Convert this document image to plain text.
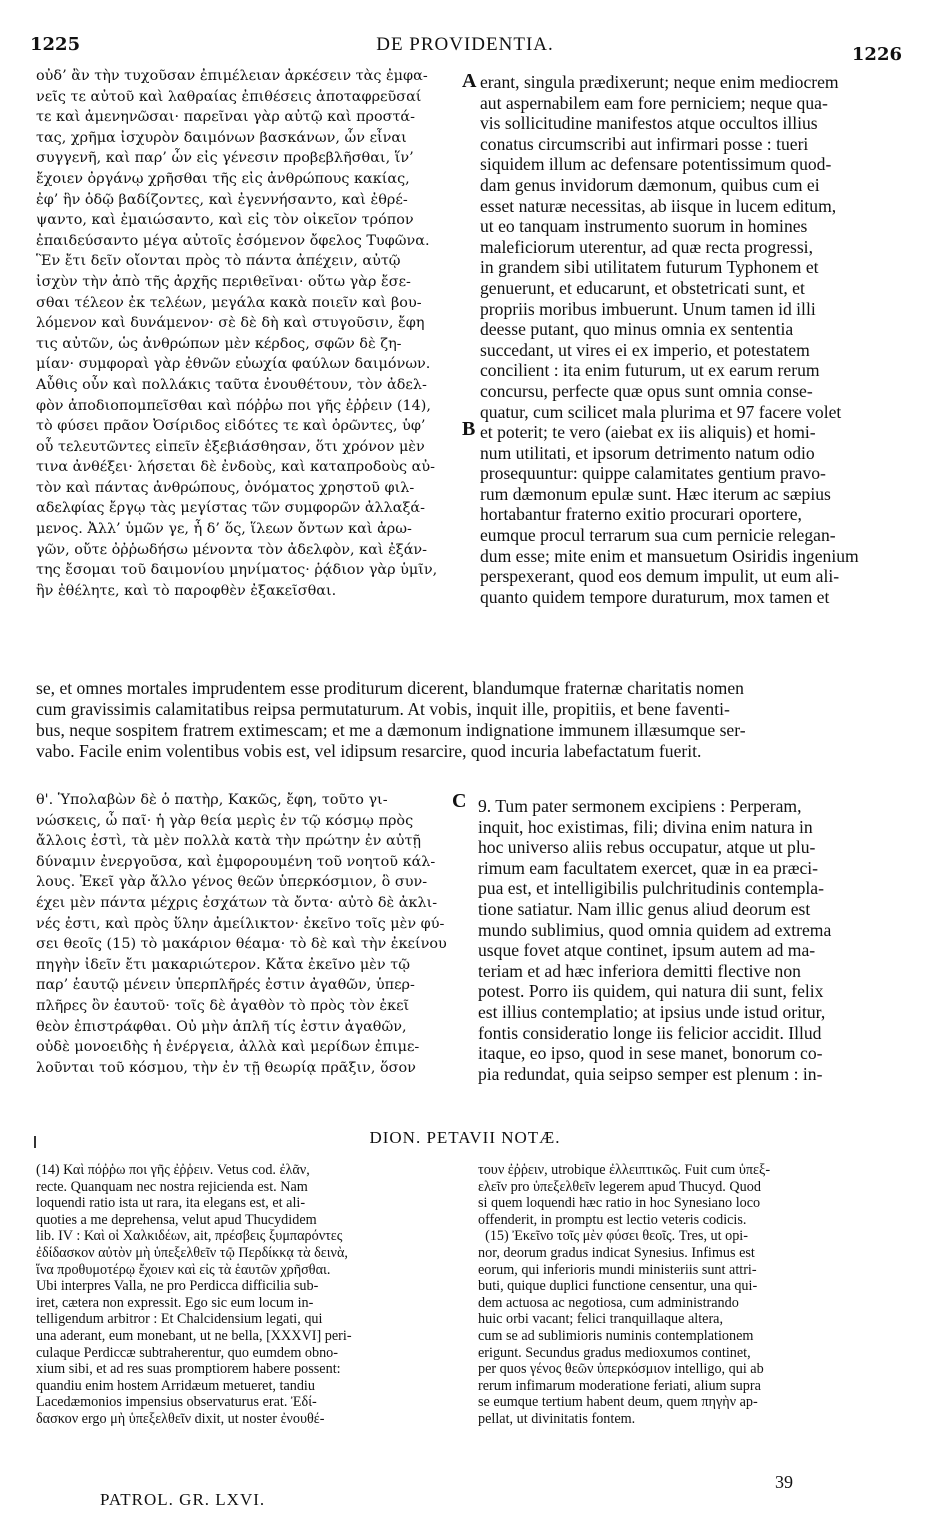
1225	DE PROVIDENTIA.	1226
οὐδ’ ἂν τὴν τυχοῦσαν ἐπιμέλειαν ἀρκέσειν τὰς ἐμφα-
νεῖς τε αὐτοῦ καὶ λαθραίας ἐπιθέσεις ἀποταφρεῦσαί
τε καὶ ἀμενηνῶσαι· παρεῖναι γὰρ αὐτῷ καὶ προστά-
τας, χρῆμα ἰσχυρὸν δαιμόνων βασκάνων, ὧν εἶναι
συγγενῆ, καὶ παρ’ ὧν εἰς γένεσιν προβεβλῆσθαι, ἵν’
ἔχοιεν ὀργάνῳ χρῆσθαι τῆς εἰς ἀνθρώπους κακίας,
ἐφ’ ἣν ὁδῷ βαδίζοντες, καὶ ἐγεννήσαντο, καὶ ἐθρέ-
ψαντο, καὶ ἐμαιώσαντο, καὶ εἰς τὸν οἰκεῖον τρόπον
ἐπαιδεύσαντο μέγα αὐτοῖς ἐσόμενον ὄφελος Τυφῶνα.
Ἓν ἔτι δεῖν οἴονται πρὸς τὸ πάντα ἀπέχειν, αὐτῷ
ἰσχὺν τὴν ἀπὸ τῆς ἀρχῆς περιθεῖναι· οὕτω γὰρ ἔσε-
σθαι τέλεον ἐκ τελέων, μεγάλα κακὰ ποιεῖν καὶ βου-
λόμενον καὶ δυνάμενον· σὲ δὲ δὴ καὶ στυγοῦσιν, ἔφη
τις αὐτῶν, ὡς ἀνθρώπων μὲν κέρδος, σφῶν δὲ ζη-
μίαν· συμφοραὶ γὰρ ἐθνῶν εὐωχία φαύλων δαιμόνων.
Αὖθις οὖν καὶ πολλάκις ταῦτα ἐνουθέτουν, τὸν ἀδελ-
φὸν ἀποδιοπομπεῖσθαι καὶ πόῤῥω ποι γῆς ἐῤῥειν (14),
τὸ φύσει πρᾶον Ὀσίριδος εἰδότες τε καὶ ὁρῶντες, ὑφ’
οὗ τελευτῶντες εἰπεῖν ἐξεβιάσθησαν, ὅτι χρόνον μὲν
τινα ἀνθέξει· λήσεται δὲ ἐνδοὺς, καὶ καταπροδοὺς αὐ-
τὸν καὶ πάντας ἀνθρώπους, ὀνόματος χρηστοῦ φιλ-
αδελφίας ἔργῳ τὰς μεγίστας τῶν συμφορῶν ἀλλαξά-
μενος. Ἀλλ’ ὑμῶν γε, ἦ δ’ ὅς, ἵλεων ὄντων καὶ ἀρω-
γῶν, οὔτε ὀῤῥωδήσω μένοντα τὸν ἀδελφὸν, καὶ ἐξάν-
της ἔσομαι τοῦ δαιμονίου μηνίματος· ῥᾴδιον γὰρ ὑμῖν,
ἣν ἐθέλητε, καὶ τὸ παροφθὲν ἐξακεῖσθαι.
A erant, singula prædixerunt; neque enim mediocrem
aut aspernabilem eam fore perniciem; neque qua-
vis sollicitudine manifestos atque occultos illius
conatus circumscribi aut infirmari posse : tueri
siquidem illum ac defensare potentissimum quod-
dam genus invidorum dæmonum, quibus cum ei
esset naturæ necessitas, ab iisque in lucem editum,
ut eo tanquam instrumento suorum in homines
maleficiorum uterentur, ad quæ recta progressi,
in grandem sibi utilitatem futurum Typhonem et
genuerunt, et educarunt, et obstetricati sunt, et
propriis moribus imbuerunt. Unum tamen id illi
deesse putant, quo minus omnia ex sententia
succedant, ut vires ei ex imperio, et potestatem
concilient : ita enim futurum, ut ex earum rerum
concursu, perfecte quæ opus sunt omnia conse-
quatur, cum scilicet mala plurima et 97 facere volet
et poterit; te vero (aiebat ex iis aliquis) et homi-
num utilitati, et ipsorum detrimento natum odio
prosequuntur: quippe calamitates gentium pravo-
rum dæmonum epulæ sunt. Hæc iterum ac sæpius
hortabantur fraterno exitio procurari oportere,
eumque procul terrarum sua cum pernicie relegan-
dum esse; mite enim et mansuetum Osiridis ingenium
perspexerant, quod eos demum impulit, ut eum ali-
quanto quidem tempore duraturum, mox tamen et
B
se, et omnes mortales imprudentem esse proditurum dicerent, blandumque fraternæ charitatis nomen
cum gravissimis calamitatibus reipsa permutaturum. At vobis, inquit ille, propitiis, et bene faventi-
bus, neque sospitem fratrem extimescam; et me a dæmonum indignatione immunem illæsumque ser-
vabo. Facile enim volentibus vobis est, vel idipsum resarcire, quod incuria labefactatum fuerit.
θ'. Ὑπολαβὼν δὲ ὁ πατὴρ, Κακῶς, ἔφη, τοῦτο γι-
νώσκεις, ὦ παῖ· ἡ γὰρ θεία μερὶς ἐν τῷ κόσμῳ πρὸς
ἄλλοις ἐστὶ, τὰ μὲν πολλὰ κατὰ τὴν πρώτην ἐν αὐτῇ
δύναμιν ἐνεργοῦσα, καὶ ἐμφορουμένη τοῦ νοητοῦ κάλ-
λους. Ἐκεῖ γὰρ ἄλλο γένος θεῶν ὑπερκόσμιον, ὃ συν-
έχει μὲν πάντα μέχρις ἐσχάτων τὰ ὄντα· αὐτὸ δὲ ἀκλι-
νές ἐστι, καὶ πρὸς ὕλην ἀμείλικτον· ἐκεῖνο τοῖς μὲν φύ-
σει θεοῖς (15) τὸ μακάριον θέαμα· τὸ δὲ καὶ τὴν ἐκείνου
πηγὴν ἰδεῖν ἔτι μακαριώτερον. Κἄτα ἐκεῖνο μὲν τῷ
παρ’ ἑαυτῷ μένειν ὑπερπλῆρές ἐστιν ἀγαθῶν, ὑπερ-
πλῆρες ὂν ἑαυτοῦ· τοῖς δὲ ἀγαθὸν τὸ πρὸς τὸν ἐκεῖ
θεὸν ἐπιστράφθαι. Οὐ μὴν ἁπλῆ τίς ἐστιν ἀγαθῶν,
οὐδὲ μονοειδὴς ἡ ἐνέργεια, ἀλλὰ καὶ μερίδων ἐπιμε-
λοῦνται τοῦ κόσμου, τὴν ἐν τῇ θεωρίᾳ πρᾶξιν, ὅσον
C 9. Tum pater sermonem excipiens : Perperam,
inquit, hoc existimas, fili; divina enim natura in
hoc universo aliis rebus occupatur, atque ut plu-
rimum eam facultatem exercet, quæ in ea præci-
pua est, et intelligibilis pulchritudinis contempla-
tione satiatur. Nam illic genus aliud deorum est
mundo sublimius, quod omnia quidem ad extrema
usque fovet atque continet, ipsum autem ad ma-
teriam et ad hæc inferiora demitti flective non
potest. Porro iis quidem, qui natura dii sunt, felix
est illius contemplatio; at ipsius unde istud oritur,
fontis consideratio longe iis felicior accidit. Illud
itaque, eo ipso, quod in sese manet, bonorum co-
pia redundat, quia seipso semper est plenum : in-
DION. PETAVII NOTÆ.
(14) Καὶ πόῤῥω ποι γῆς ἐῤῥειν. Vetus cod. ἐλᾶν,
recte. Quanquam nec nostra rejicienda est. Nam
loquendi ratio ista ut rara, ita elegans est, et ali-
quoties a me deprehensa, velut apud Thucydidem
lib. IV : Καὶ οἱ Χαλκιδέων, ait, πρέσβεις ξυμπαρόντες
ἐδίδασκον αὐτὸν μὴ ὑπεξελθεῖν τῷ Περδίκκᾳ τὰ δεινὰ,
ἵνα προθυμοτέρῳ ἔχοιεν καὶ εἰς τὰ ἑαυτῶν χρῆσθαι.
Ubi interpres Valla, ne pro Perdicca difficilia sub-
iret, cætera non expressit. Ego sic eum locum in-
telligendum arbitror : Et Chalcidensium legati, qui
una aderant, eum monebant, ut ne bella, [XXXVI] peri-
culaque Perdiccæ subtraherentur, quo eumdem obno-
xium sibi, et ad res suas promptiorem habere possent:
quandiu enim hostem Arridæum metueret, tandiu
Lacedæmonios impensius observaturus erat. Ἐδί-
δασκον ergo μὴ ὑπεξελθεῖν dixit, ut noster ἐνουθέ-
τουν ἐῤῥειν, utrobique ἐλλειπτικῶς. Fuit cum ὑπεξ-
ελεῖν pro ὑπεξελθεῖν legerem apud Thucyd. Quod
si quem loquendi hæc ratio in hoc Synesiano loco
offenderit, in promptu est lectio veteris codicis.
(15) Ἐκεῖνο τοῖς μὲν φύσει θεοῖς. Tres, ut opi-
nor, deorum gradus indicat Synesius. Infimus est
eorum, qui inferioris mundi ministeriis sunt attri-
buti, quique duplici functione censentur, una qui-
dem actuosa ac negotiosa, cum administrando
huic orbi vacant; felici tranquillaque altera,
cum se ad sublimioris numinis contemplationem
erigunt. Secundus gradus medioxumos continet,
per quos γένος θεῶν ὑπερκόσμιον intelligo, qui ab
rerum infimarum moderatione feriati, alium supra
se eumque tertium habent deum, quem πηγὴν ap-
pellat, ut divinitatis fontem.
PATROL. GR. LXVI.
39
